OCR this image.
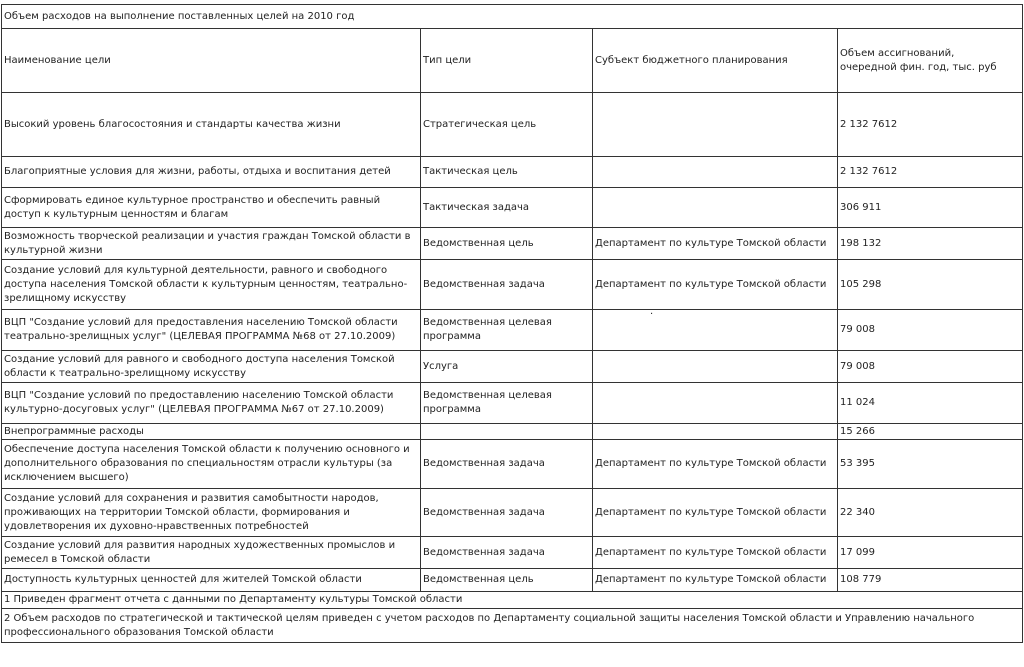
Объем расходов на выполнение поставленных целей на 2010 год			
Наименование цели	Тип цели	Субъект бюджетного планирования	Объем ассигнований,
очередной фин. год, тыс. руб
Высокий уровень благосостояния и стандарты качества жизни	Стратегическая цель		2 132 7612
Благоприятные условия для жизни, работы, отдыха и воспитания детей	Тактическая цель		2 132 7612
Сформировать единое культурное пространство и обеспечить равный доступ к культурным ценностям и благам	Тактическая задача		306 911
Возможность творческой реализации и участия граждан Томской области в культурной жизни	Ведомственная цель	Департамент по культуре Томской области	198 132
Создание условий для культурной деятельности, равного и свободного доступа населения Томской области к культурным ценностям, театрально-зрелищному искусству	Ведомственная задача	Департамент по культуре Томской области	105 298
ВЦП "Создание условий для предоставления населению Томской области театрально-зрелищных услуг" (ЦЕЛЕВАЯ ПРОГРАММА №68 от 27.10.2009)	Ведомственная целевая программа		79 008
Создание условий для равного и свободного доступа населения Томской области к театрально-зрелищному искусству	Услуга		79 008
ВЦП "Создание условий по предоставлению населению Томской области культурно-досуговых услуг" (ЦЕЛЕВАЯ ПРОГРАММА №67 от 27.10.2009)	Ведомственная целевая программа		11 024
Внепрограммные расходы			15 266
Обеспечение доступа населения Томской области к получению основного и дополнительного образования по специальностям отрасли культуры (за исключением высшего)	Ведомственная задача	Департамент по культуре Томской области	53 395
Создание условий для сохранения и развития самобытности народов, проживающих на территории Томской области, формирования и удовлетворения их духовно-нравственных потребностей	Ведомственная задача	Департамент по культуре Томской области	22 340
Создание условий для развития народных художественных промыслов и ремесел в Томской области	Ведомственная задача	Департамент по культуре Томской области	17 099
Доступность культурных ценностей для жителей Томской области	Ведомственная цель	Департамент по культуре Томской области	108 779
1 Приведен фрагмент отчета с данными по Департаменту культуры Томской области			
2 Объем расходов по стратегической и тактической целям приведен с учетом расходов по Департаменту социальной защиты населения Томской области и Управлению начального профессионального образования Томской области			
.
